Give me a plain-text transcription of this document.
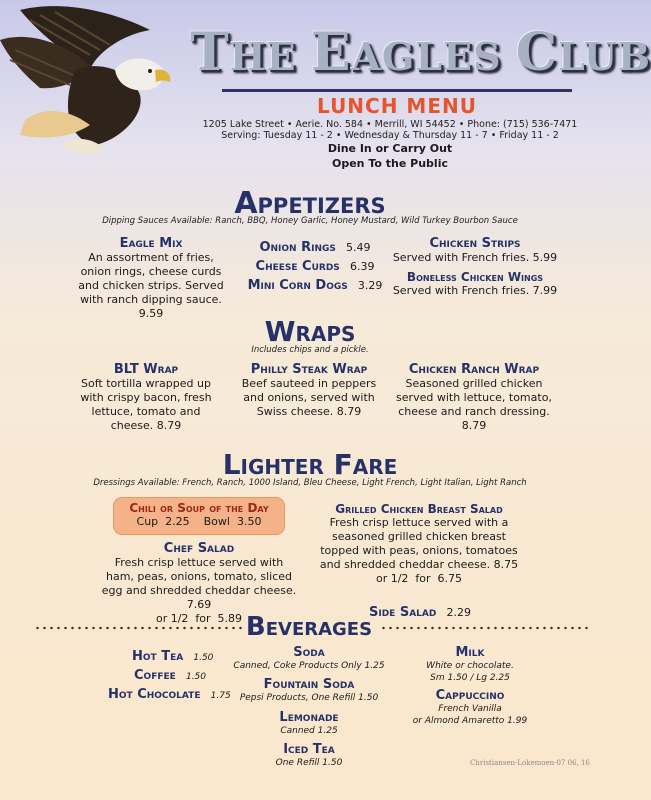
THE EAGLES CLUB
LUNCH MENU
1205 Lake Street • Aerie. No. 584 • Merrill, WI 54452 • Phone: (715) 536-7471
Serving: Tuesday 11 - 2 • Wednesday & Thursday 11 - 7 • Friday 11 - 2
Dine In or Carry Out
Open To the Public
Appetizers
Dipping Sauces Available: Ranch, BBQ, Honey Garlic, Honey Mustard, Wild Turkey Bourbon Sauce
Eagle Mix
An assortment of fries, onion rings, cheese curds and chicken strips. Served with ranch dipping sauce. 9.59
Onion Rings 5.49
Cheese Curds 6.39
Mini Corn Dogs 3.29
Chicken Strips
Served with French fries. 5.99
Boneless Chicken Wings
Served with French fries. 7.99
Wraps
Includes chips and a pickle.
BLT Wrap
Soft tortilla wrapped up with crispy bacon, fresh lettuce, tomato and cheese. 8.79
Philly Steak Wrap
Beef sauteed in peppers and onions, served with Swiss cheese. 8.79
Chicken Ranch Wrap
Seasoned grilled chicken served with lettuce, tomato, cheese and ranch dressing. 8.79
Lighter Fare
Dressings Available: French, Ranch, 1000 Island, Bleu Cheese, Light French, Light Italian, Light Ranch
Chili or Soup of the Day
Cup  2.25    Bowl  3.50
Chef Salad
Fresh crisp lettuce served with ham, peas, onions, tomato, sliced egg and shredded cheddar cheese. 7.69
or 1/2  for  5.89
Grilled Chicken Breast Salad
Fresh crisp lettuce served with a seasoned grilled chicken breast topped with peas, onions, tomatoes and shredded cheddar cheese. 8.75
or 1/2  for  6.75
Side Salad 2.29
Beverages
Hot Tea 1.50
Coffee 1.50
Hot Chocolate 1.75
Soda
Canned, Coke Products Only 1.25
Fountain Soda
Pepsi Products, One Refill 1.50
Lemonade
Canned 1.25
Iced Tea
One Refill 1.50
Milk
White or chocolate.
Sm 1.50 / Lg 2.25
Cappuccino
French Vanilla
or Almond Amaretto 1.99
Christiansen-Lokemoen-07 06, 16
